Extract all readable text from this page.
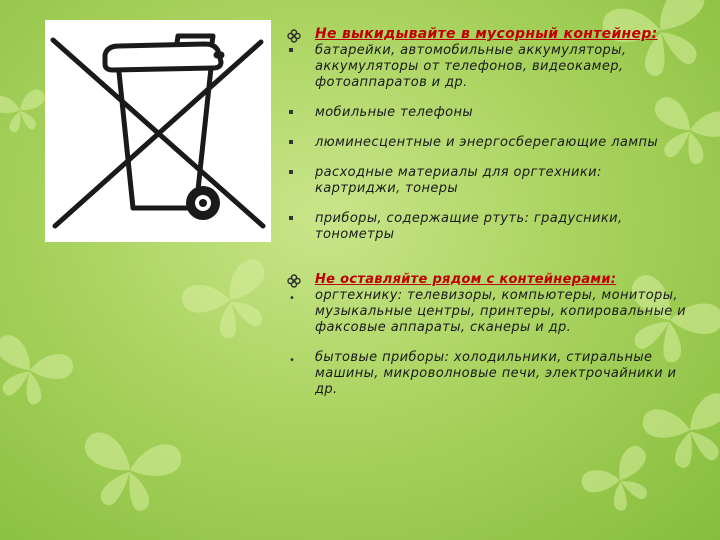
Не выкидывайте в мусорный контейнер:
батарейки, автомобильные аккумуляторы, аккумуляторы от телефонов, видеокамер, фотоаппаратов и др.
мобильные телефоны
люминесцентные и энергосберегающие лампы
расходные материалы для оргтехники: картриджи, тонеры
приборы, содержащие ртуть: градусники, тонометры
Не оставляйте рядом с контейнерами:
• оргтехнику: телевизоры, компьютеры, мониторы, музыкальные центры, принтеры, копировальные и факсовые аппараты, сканеры и др.
• бытовые приборы: холодильники, стиральные машины, микроволновые печи, электрочайники и др.
